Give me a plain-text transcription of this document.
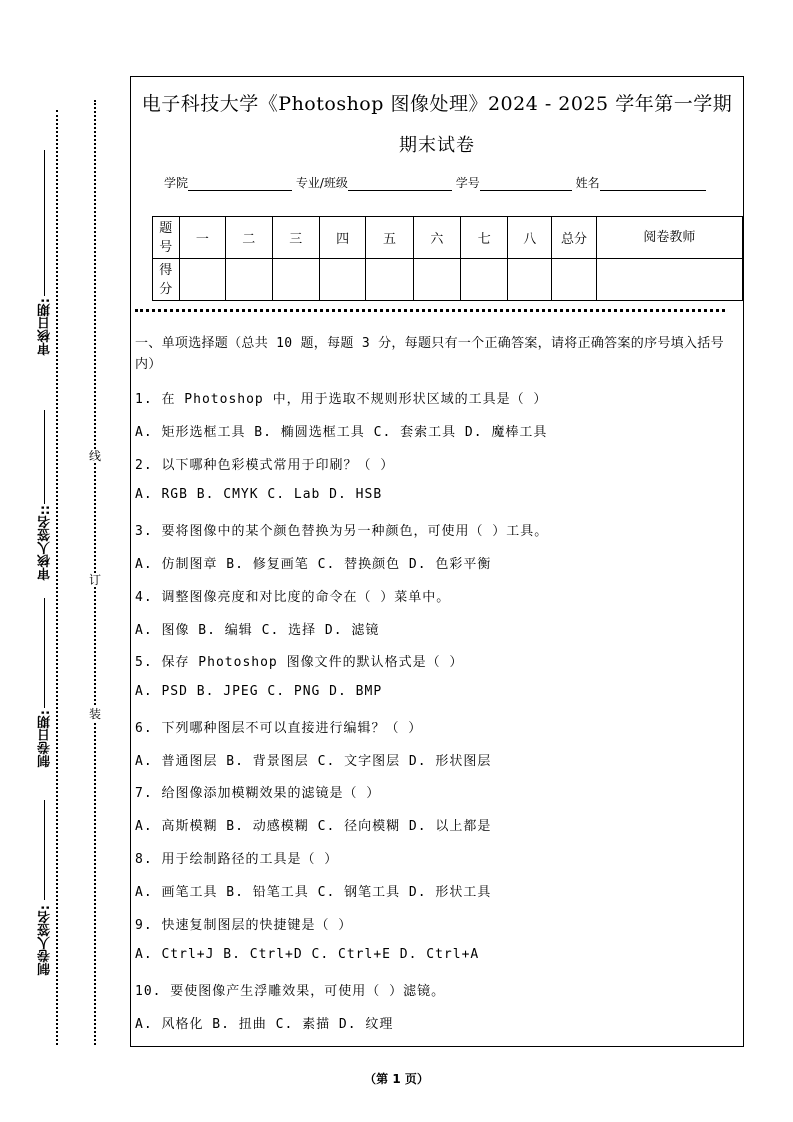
审核日期:
审核人签名::
制卷日期:
制卷人签名:
线
订
装
电子科技大学《Photoshop 图像处理》2024 - 2025 学年第一学期
期末试卷
学院	专业/班级	学号	姓名
题号	一	二	三	四	五	六	七	八	总分	阅卷教师
得分										
一、单项选择题（总共 10 题，每题 3 分，每题只有一个正确答案，请将正确答案的序号填入括号内）
1. 在 Photoshop 中，用于选取不规则形状区域的工具是（ ）
A. 矩形选框工具 B. 椭圆选框工具 C. 套索工具 D. 魔棒工具
2. 以下哪种色彩模式常用于印刷？（ ）
A. RGB B. CMYK C. Lab D. HSB
3. 要将图像中的某个颜色替换为另一种颜色，可使用（ ）工具。
A. 仿制图章 B. 修复画笔 C. 替换颜色 D. 色彩平衡
4. 调整图像亮度和对比度的命令在（ ）菜单中。
A. 图像 B. 编辑 C. 选择 D. 滤镜
5. 保存 Photoshop 图像文件的默认格式是（ ）
A. PSD B. JPEG C. PNG D. BMP
6. 下列哪种图层不可以直接进行编辑？（ ）
A. 普通图层 B. 背景图层 C. 文字图层 D. 形状图层
7. 给图像添加模糊效果的滤镜是（ ）
A. 高斯模糊 B. 动感模糊 C. 径向模糊 D. 以上都是
8. 用于绘制路径的工具是（ ）
A. 画笔工具 B. 铅笔工具 C. 钢笔工具 D. 形状工具
9. 快速复制图层的快捷键是（ ）
A. Ctrl+J B. Ctrl+D C. Ctrl+E D. Ctrl+A
10. 要使图像产生浮雕效果，可使用（ ）滤镜。
A. 风格化 B. 扭曲 C. 素描 D. 纹理
（第 1 页）
